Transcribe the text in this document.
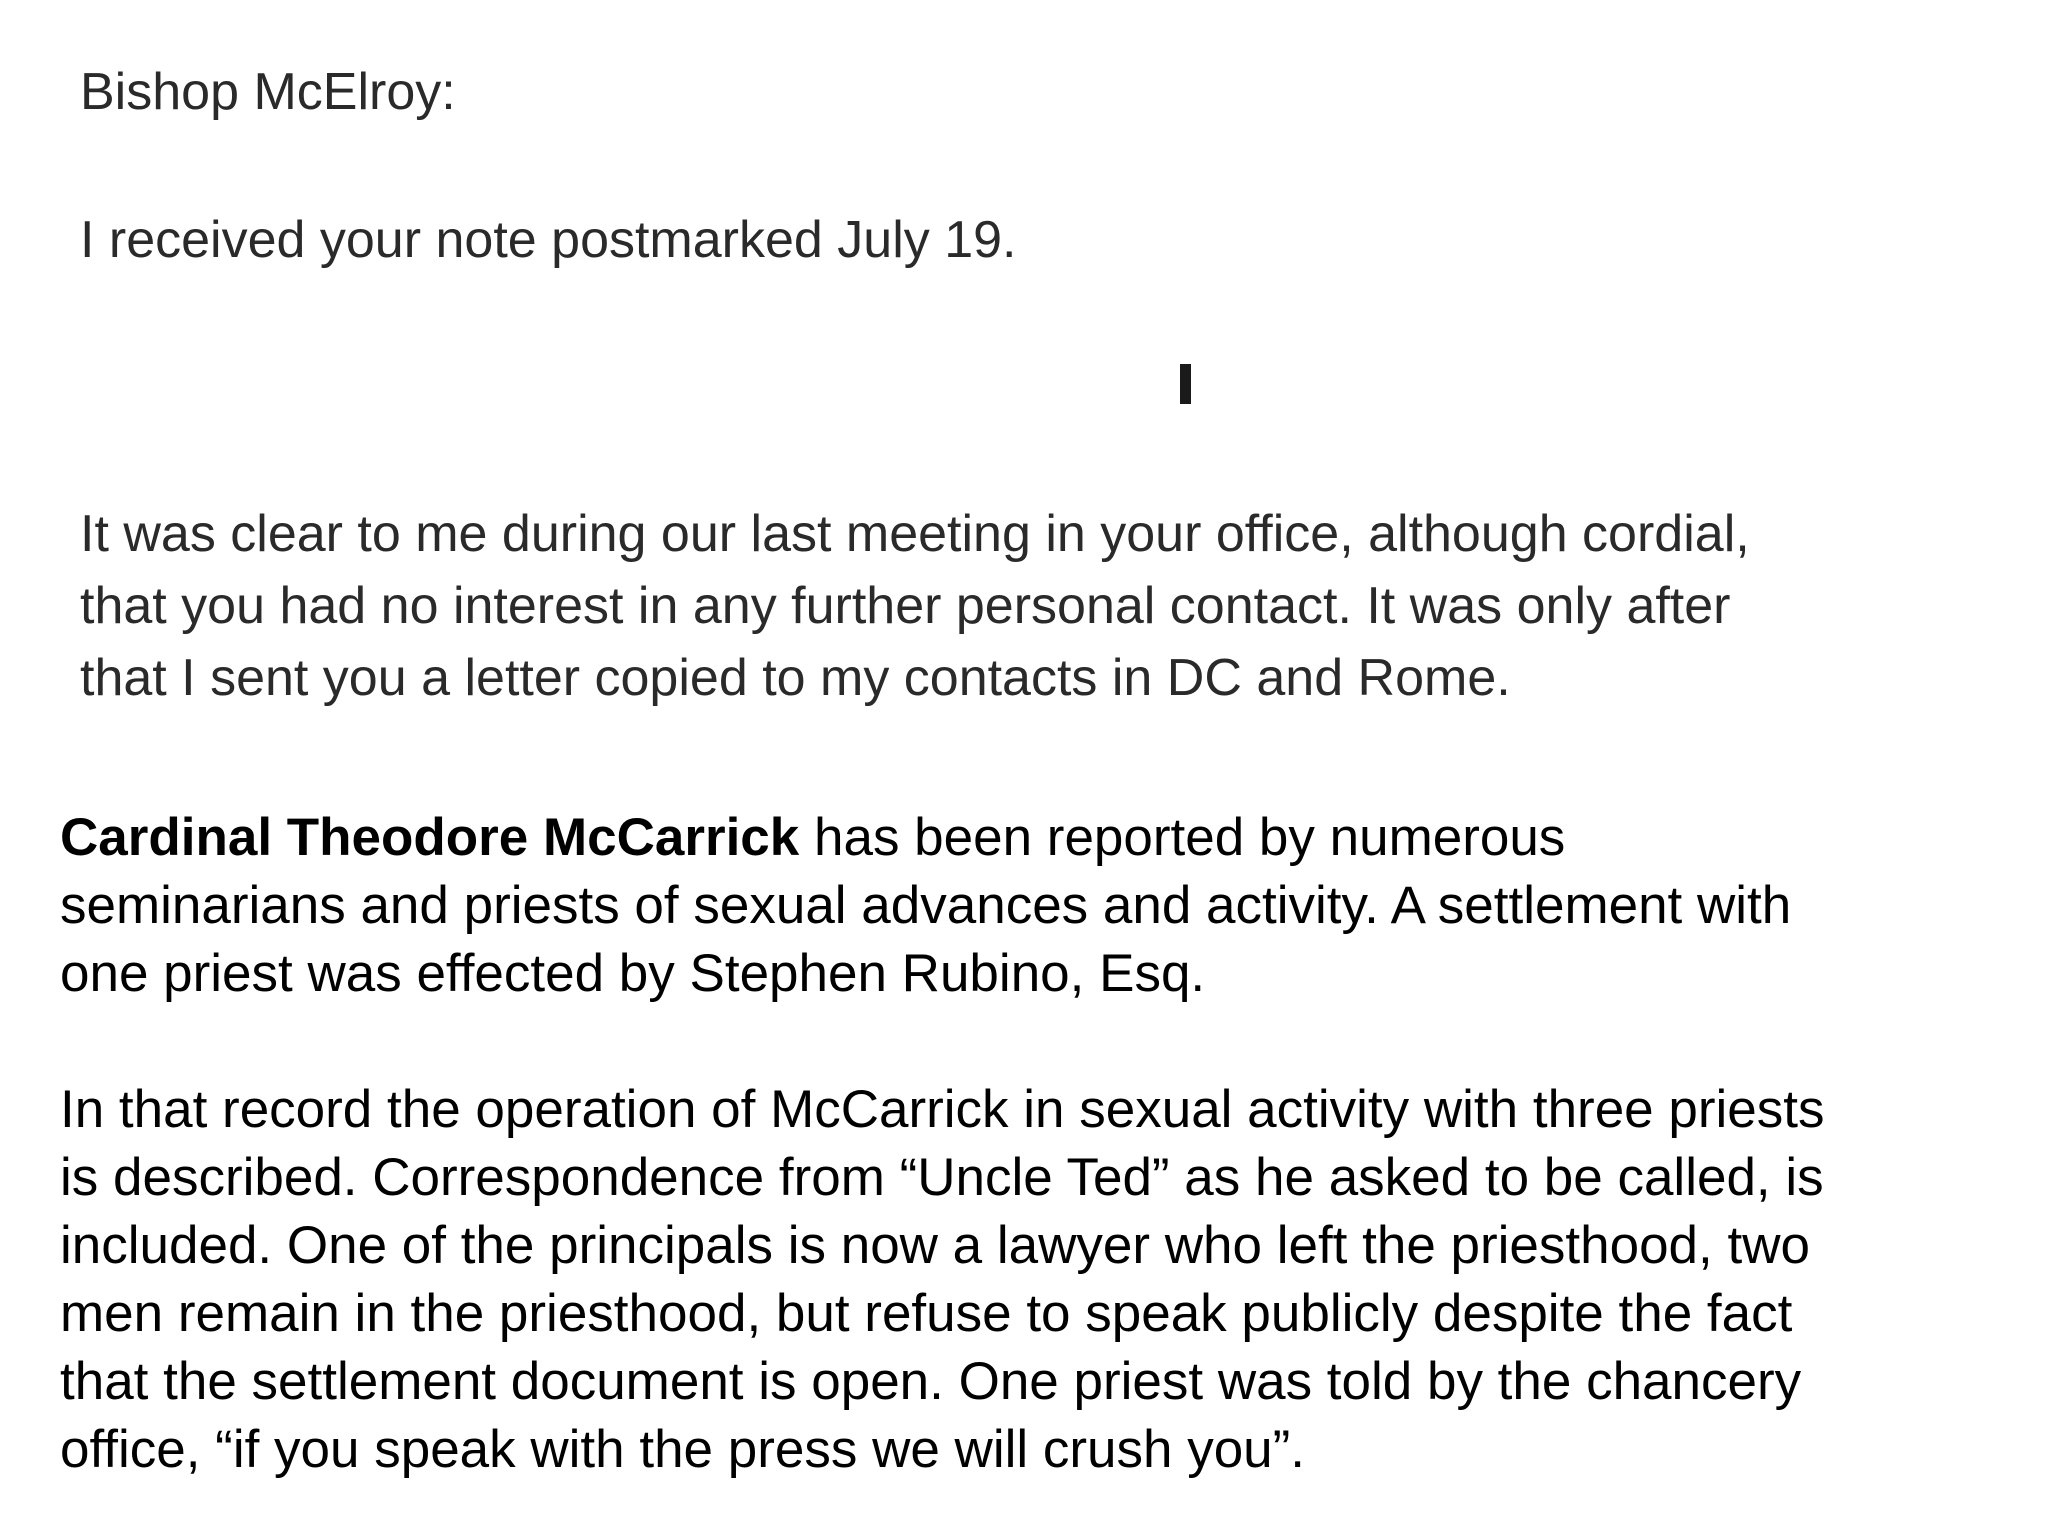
Bishop McElroy:
I received your note postmarked July 19.
It was clear to me during our last meeting in your office, although cordial,
that you had no interest in any further personal contact. It was only after
that I sent you a letter copied to my contacts in DC and Rome.
Cardinal Theodore McCarrick has been reported by numerous
seminarians and priests of sexual advances and activity. A settlement with
one priest was effected by Stephen Rubino, Esq.
In that record the operation of McCarrick in sexual activity with three priests
is described. Correspondence from “Uncle Ted” as he asked to be called, is
included. One of the principals is now a lawyer who left the priesthood, two
men remain in the priesthood, but refuse to speak publicly despite the fact
that the settlement document is open. One priest was told by the chancery
office, “if you speak with the press we will crush you”.
